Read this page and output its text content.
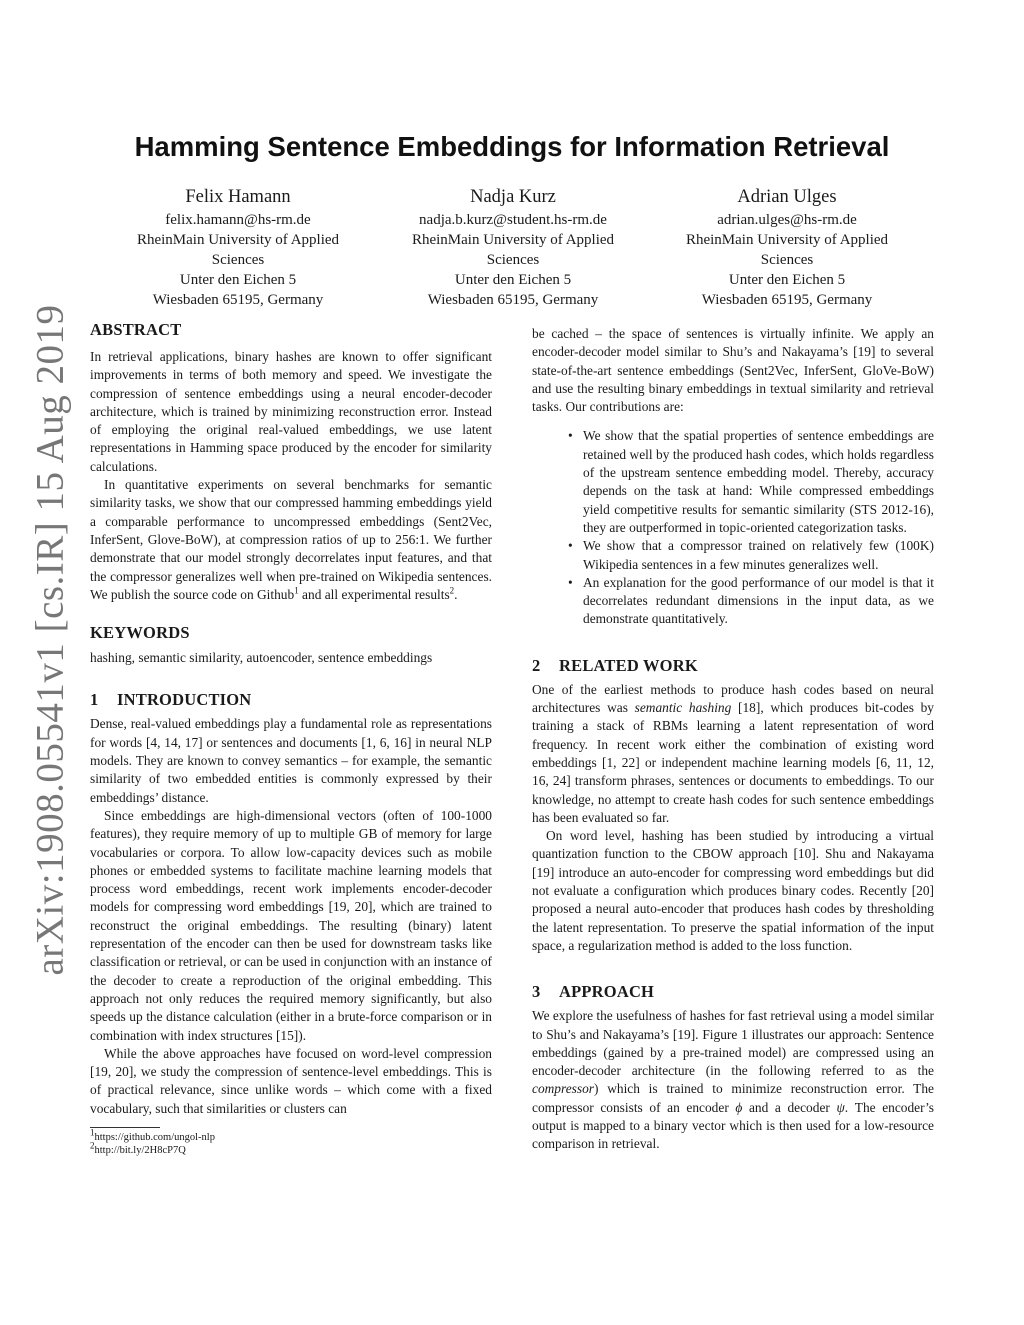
arXiv:1908.05541v1 [cs.IR] 15 Aug 2019
Hamming Sentence Embeddings for Information Retrieval
Felix Hamann
felix.hamann@hs-rm.de
RheinMain University of Applied Sciences
Unter den Eichen 5
Wiesbaden 65195, Germany
Nadja Kurz
nadja.b.kurz@student.hs-rm.de
RheinMain University of Applied Sciences
Unter den Eichen 5
Wiesbaden 65195, Germany
Adrian Ulges
adrian.ulges@hs-rm.de
RheinMain University of Applied Sciences
Unter den Eichen 5
Wiesbaden 65195, Germany
ABSTRACT

In retrieval applications, binary hashes are known to offer significant improvements in terms of both memory and speed. We investigate the compression of sentence embeddings using a neural encoder-decoder architecture, which is trained by minimizing reconstruction error. Instead of employing the original real-valued embeddings, we use latent representations in Hamming space produced by the encoder for similarity calculations.

In quantitative experiments on several benchmarks for semantic similarity tasks, we show that our compressed hamming embeddings yield a comparable performance to uncompressed embeddings (Sent2Vec, InferSent, Glove-BoW), at compression ratios of up to 256:1. We further demonstrate that our model strongly decorrelates input features, and that the compressor generalizes well when pre-trained on Wikipedia sentences. We publish the source code on Github$^1$ and all experimental results$^2$.

KEYWORDS

hashing, semantic similarity, autoencoder, sentence embeddings

1 INTRODUCTION

Dense, real-valued embeddings play a fundamental role as representations for words [4, 14, 17] or sentences and documents [1, 6, 16] in neural NLP models. They are known to convey semantics – for example, the semantic similarity of two embedded entities is commonly expressed by their embeddings’ distance.

Since embeddings are high-dimensional vectors (often of 100-1000 features), they require memory of up to multiple GB of memory for large vocabularies or corpora. To allow low-capacity devices such as mobile phones or embedded systems to facilitate machine learning models that process word embeddings, recent work implements encoder-decoder models for compressing word embeddings [19, 20], which are trained to reconstruct the original embeddings. The resulting (binary) latent representation of the encoder can then be used for downstream tasks like classification or retrieval, or can be used in conjunction with an instance of the decoder to create a reproduction of the original embedding. This approach not only reduces the required memory significantly, but also speeds up the distance calculation (either in a brute-force comparison or in combination with index structures [15]).

While the above approaches have focused on word-level compression [19, 20], we study the compression of sentence-level embeddings. This is of practical relevance, since unlike words – which come with a fixed vocabulary, such that similarities or clusters can

$^1$https://github.com/ungol-nlp
$^2$http://bit.ly/2H8cP7Q

be cached – the space of sentences is virtually infinite. We apply an encoder-decoder model similar to Shu’s and Nakayama’s [19] to several state-of-the-art sentence embeddings (Sent2Vec, InferSent, GloVe-BoW) and use the resulting binary embeddings in textual similarity and retrieval tasks. Our contributions are:

• We show that the spatial properties of sentence embeddings are retained well by the produced hash codes, which holds regardless of the upstream sentence embedding model. Thereby, accuracy depends on the task at hand: While compressed embeddings yield competitive results for semantic similarity (STS 2012-16), they are outperformed in topic-oriented categorization tasks.
• We show that a compressor trained on relatively few (100K) Wikipedia sentences in a few minutes generalizes well.
• An explanation for the good performance of our model is that it decorrelates redundant dimensions in the input data, as we demonstrate quantitatively.
2 RELATED WORK

One of the earliest methods to produce hash codes based on neural architectures was semantic hashing [18], which produces bit-codes by training a stack of RBMs learning a latent representation of word frequency. In recent work either the combination of existing word embeddings [1, 22] or independent machine learning models [6, 11, 12, 16, 24] transform phrases, sentences or documents to embeddings. To our knowledge, no attempt to create hash codes for such sentence embeddings has been evaluated so far.

On word level, hashing has been studied by introducing a virtual quantization function to the CBOW approach [10]. Shu and Nakayama [19] introduce an auto-encoder for compressing word embeddings but did not evaluate a configuration which produces binary codes. Recently [20] proposed a neural auto-encoder that produces hash codes by thresholding the latent representation. To preserve the spatial information of the input space, a regularization method is added to the loss function.

3 APPROACH

We explore the usefulness of hashes for fast retrieval using a model similar to Shu’s and Nakayama’s [19]. Figure 1 illustrates our approach: Sentence embeddings (gained by a pre-trained model) are compressed using an encoder-decoder architecture (in the following referred to as the compressor) which is trained to minimize reconstruction error. The compressor consists of an encoder ϕ and a decoder ψ. The encoder’s output is mapped to a binary vector which is then used for a low-resource comparison in retrieval.
